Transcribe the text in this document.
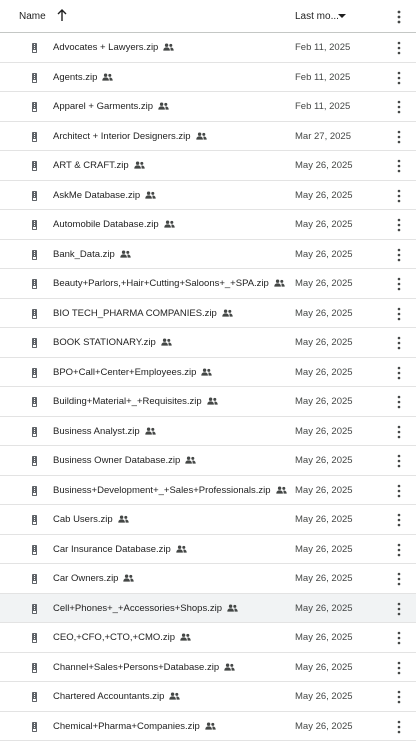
Name	Last mo...
Advocates + Lawyers.zip	Feb 11, 2025
Agents.zip	Feb 11, 2025
Apparel + Garments.zip	Feb 11, 2025
Architect + Interior Designers.zip	Mar 27, 2025
ART & CRAFT.zip	May 26, 2025
AskMe Database.zip	May 26, 2025
Automobile Database.zip	May 26, 2025
Bank_Data.zip	May 26, 2025
Beauty+Parlors,+Hair+Cutting+Saloons+_+SPA.zip	May 26, 2025
BIO TECH_PHARMA COMPANIES.zip	May 26, 2025
BOOK STATIONARY.zip	May 26, 2025
BPO+Call+Center+Employees.zip	May 26, 2025
Building+Material+_+Requisites.zip	May 26, 2025
Business Analyst.zip	May 26, 2025
Business Owner Database.zip	May 26, 2025
Business+Development+_+Sales+Professionals.zip	May 26, 2025
Cab Users.zip	May 26, 2025
Car Insurance Database.zip	May 26, 2025
Car Owners.zip	May 26, 2025
Cell+Phones+_+Accessories+Shops.zip	May 26, 2025
CEO,+CFO,+CTO,+CMO.zip	May 26, 2025
Channel+Sales+Persons+Database.zip	May 26, 2025
Chartered Accountants.zip	May 26, 2025
Chemical+Pharma+Companies.zip	May 26, 2025
